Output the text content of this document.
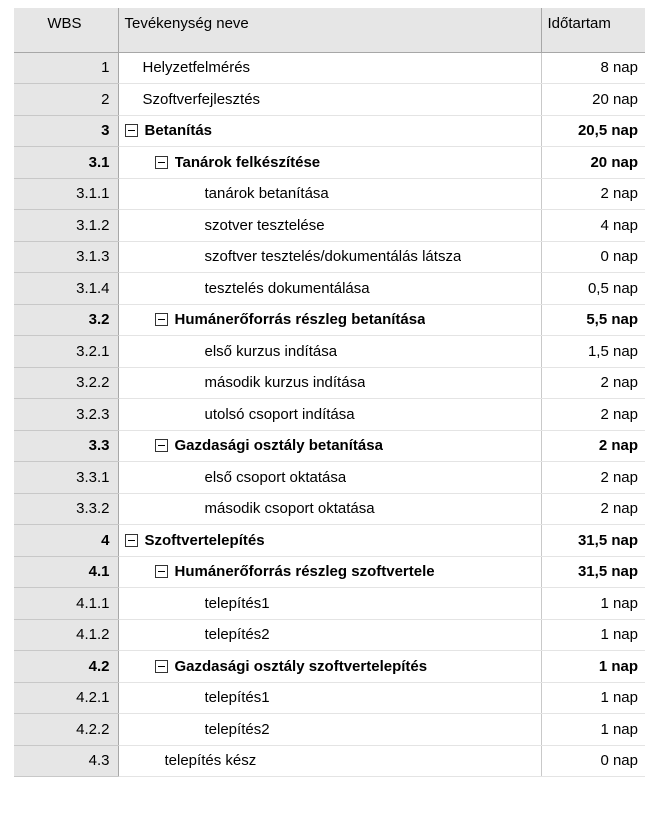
WBS	Tevékenység neve	Időtartam
1	Helyzetfelmérés	8 nap
2	Szoftverfejlesztés	20 nap
3	Betanítás	20,5 nap
3.1	Tanárok felkészítése	20 nap
3.1.1	tanárok betanítása	2 nap
3.1.2	szotver tesztelése	4 nap
3.1.3	szoftver tesztelés/dokumentálás látsza	0 nap
3.1.4	tesztelés dokumentálása	0,5 nap
3.2	Humánerőforrás részleg betanítása	5,5 nap
3.2.1	első kurzus indítása	1,5 nap
3.2.2	második kurzus indítása	2 nap
3.2.3	utolsó csoport indítása	2 nap
3.3	Gazdasági osztály betanítása	2 nap
3.3.1	első csoport oktatása	2 nap
3.3.2	második csoport oktatása	2 nap
4	Szoftvertelepítés	31,5 nap
4.1	Humánerőforrás részleg szoftvertele	31,5 nap
4.1.1	telepítés1	1 nap
4.1.2	telepítés2	1 nap
4.2	Gazdasági osztály szoftvertelepítés	1 nap
4.2.1	telepítés1	1 nap
4.2.2	telepítés2	1 nap
4.3	telepítés kész	0 nap
